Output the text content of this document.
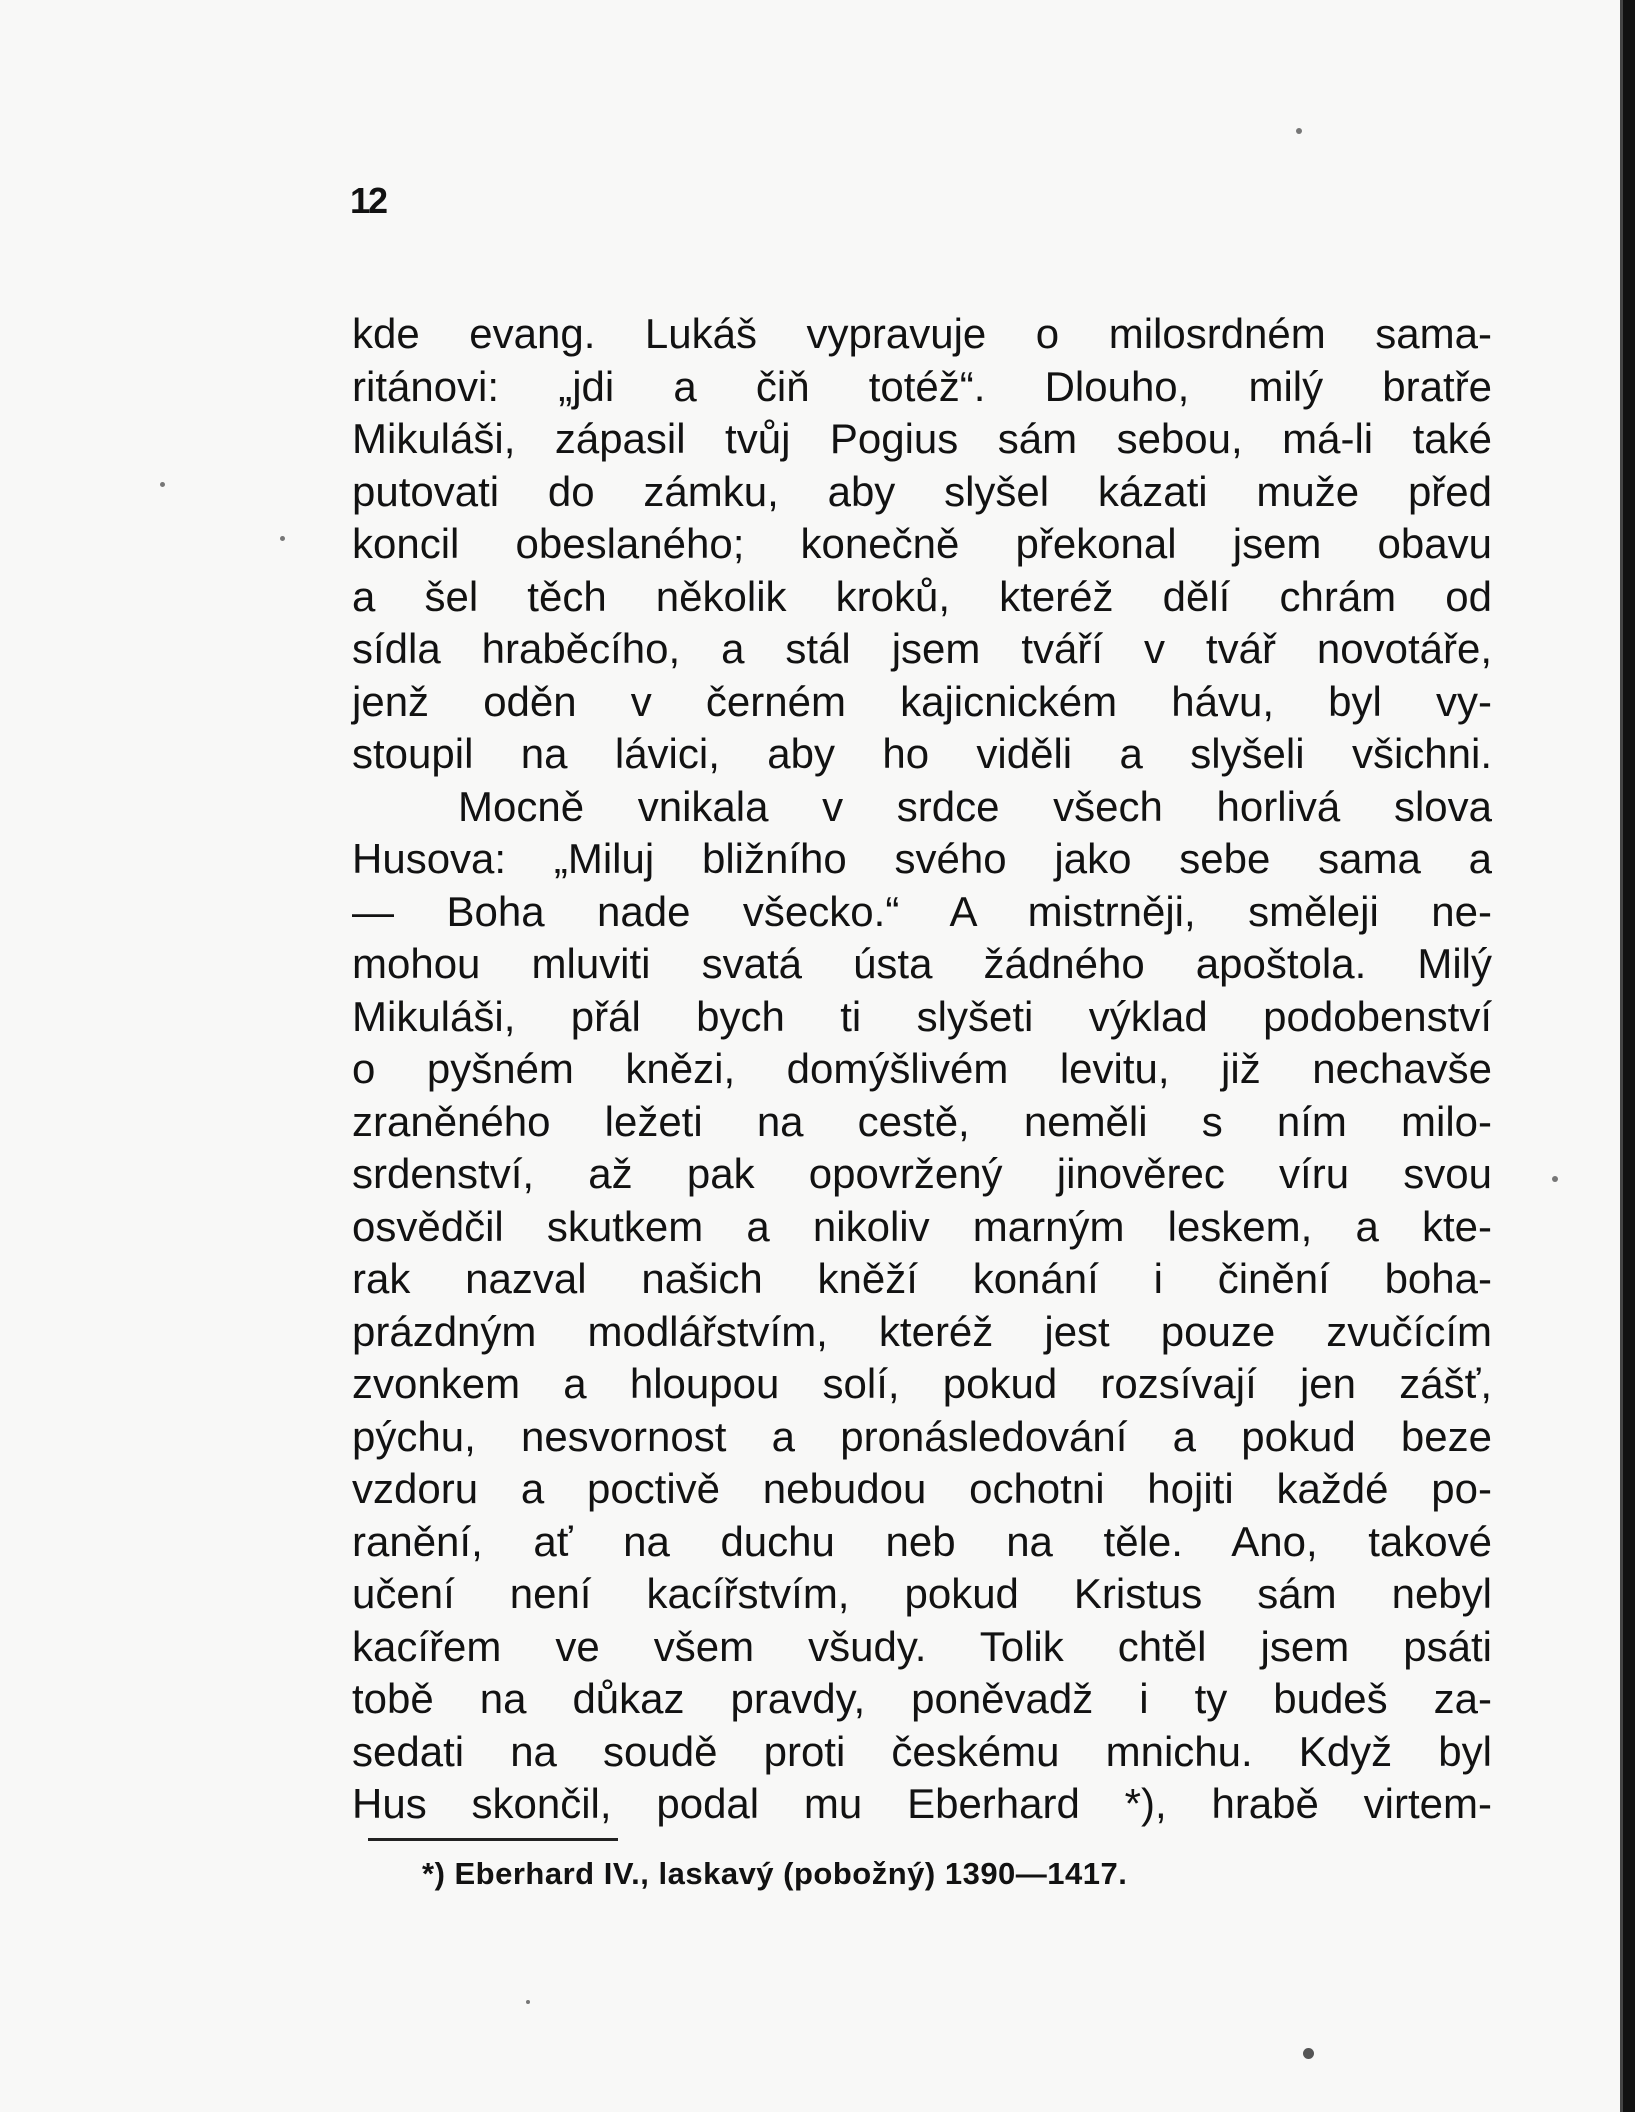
12
kde evang. Lukáš vypravuje o milosrdném sama-
ritánovi: „jdi a čiň totéž“. Dlouho, milý bratře
Mikuláši, zápasil tvůj Pogius sám sebou, má-li také
putovati do zámku, aby slyšel kázati muže před
koncil obeslaného; konečně překonal jsem obavu
a šel těch několik kroků, kteréž dělí chrám od
sídla hraběcího, a stál jsem tváří v tvář novotáře,
jenž oděn v černém kajicnickém hávu, byl vy-
stoupil na lávici, aby ho viděli a slyšeli všichni.
Mocně vnikala v srdce všech horlivá slova
Husova: „Miluj bližního svého jako sebe sama a
— Boha nade všecko.“ A mistrněji, směleji ne-
mohou mluviti svatá ústa žádného apoštola. Milý
Mikuláši, přál bych ti slyšeti výklad podobenství
o pyšném knězi, domýšlivém levitu, již nechavše
zraněného ležeti na cestě, neměli s ním milo-
srdenství, až pak opovržený jinověrec víru svou
osvědčil skutkem a nikoliv marným leskem, a kte-
rak nazval našich kněží konání i činění boha-
prázdným modlářstvím, kteréž jest pouze zvučícím
zvonkem a hloupou solí, pokud rozsívají jen zášť,
pýchu, nesvornost a pronásledování a pokud beze
vzdoru a poctivě nebudou ochotni hojiti každé po-
ranění, ať na duchu neb na těle. Ano, takové
učení není kacířstvím, pokud Kristus sám nebyl
kacířem ve všem všudy. Tolik chtěl jsem psáti
tobě na důkaz pravdy, poněvadž i ty budeš za-
sedati na soudě proti českému mnichu. Když byl
Hus skončil, podal mu Eberhard *), hrabě virtem-
*) Eberhard IV., laskavý (pobožný) 1390—1417.
